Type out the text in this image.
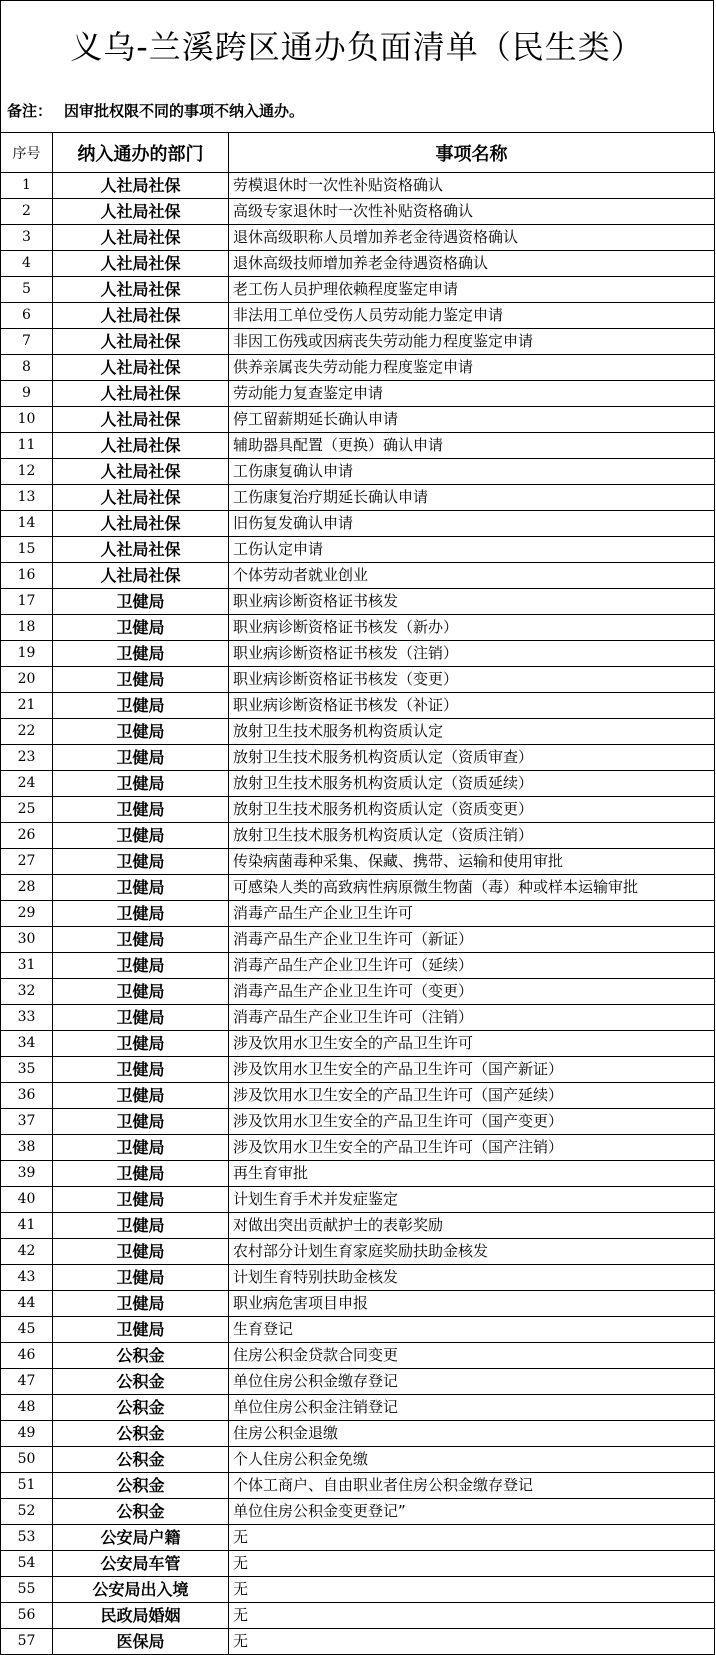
义乌-兰溪跨区通办负面清单（民生类）
备注： 因审批权限不同的事项不纳入通办。
序号	纳入通办的部门	事项名称
1	人社局社保	劳模退休时一次性补贴资格确认
2	人社局社保	高级专家退休时一次性补贴资格确认
3	人社局社保	退休高级职称人员增加养老金待遇资格确认
4	人社局社保	退休高级技师增加养老金待遇资格确认
5	人社局社保	老工伤人员护理依赖程度鉴定申请
6	人社局社保	非法用工单位受伤人员劳动能力鉴定申请
7	人社局社保	非因工伤残或因病丧失劳动能力程度鉴定申请
8	人社局社保	供养亲属丧失劳动能力程度鉴定申请
9	人社局社保	劳动能力复查鉴定申请
10	人社局社保	停工留薪期延长确认申请
11	人社局社保	辅助器具配置（更换）确认申请
12	人社局社保	工伤康复确认申请
13	人社局社保	工伤康复治疗期延长确认申请
14	人社局社保	旧伤复发确认申请
15	人社局社保	工伤认定申请
16	人社局社保	个体劳动者就业创业
17	卫健局	职业病诊断资格证书核发
18	卫健局	职业病诊断资格证书核发（新办）
19	卫健局	职业病诊断资格证书核发（注销）
20	卫健局	职业病诊断资格证书核发（变更）
21	卫健局	职业病诊断资格证书核发（补证）
22	卫健局	放射卫生技术服务机构资质认定
23	卫健局	放射卫生技术服务机构资质认定（资质审查）
24	卫健局	放射卫生技术服务机构资质认定（资质延续）
25	卫健局	放射卫生技术服务机构资质认定（资质变更）
26	卫健局	放射卫生技术服务机构资质认定（资质注销）
27	卫健局	传染病菌毒种采集、保藏、携带、运输和使用审批
28	卫健局	可感染人类的高致病性病原微生物菌（毒）种或样本运输审批
29	卫健局	消毒产品生产企业卫生许可
30	卫健局	消毒产品生产企业卫生许可（新证）
31	卫健局	消毒产品生产企业卫生许可（延续）
32	卫健局	消毒产品生产企业卫生许可（变更）
33	卫健局	消毒产品生产企业卫生许可（注销）
34	卫健局	涉及饮用水卫生安全的产品卫生许可
35	卫健局	涉及饮用水卫生安全的产品卫生许可（国产新证）
36	卫健局	涉及饮用水卫生安全的产品卫生许可（国产延续）
37	卫健局	涉及饮用水卫生安全的产品卫生许可（国产变更）
38	卫健局	涉及饮用水卫生安全的产品卫生许可（国产注销）
39	卫健局	再生育审批
40	卫健局	计划生育手术并发症鉴定
41	卫健局	对做出突出贡献护士的表彰奖励
42	卫健局	农村部分计划生育家庭奖励扶助金核发
43	卫健局	计划生育特别扶助金核发
44	卫健局	职业病危害项目申报
45	卫健局	生育登记
46	公积金	住房公积金贷款合同变更
47	公积金	单位住房公积金缴存登记
48	公积金	单位住房公积金注销登记
49	公积金	住房公积金退缴
50	公积金	个人住房公积金免缴
51	公积金	个体工商户、自由职业者住房公积金缴存登记
52	公积金	单位住房公积金变更登记”
53	公安局户籍	无
54	公安局车管	无
55	公安局出入境	无
56	民政局婚姻	无
57	医保局	无
